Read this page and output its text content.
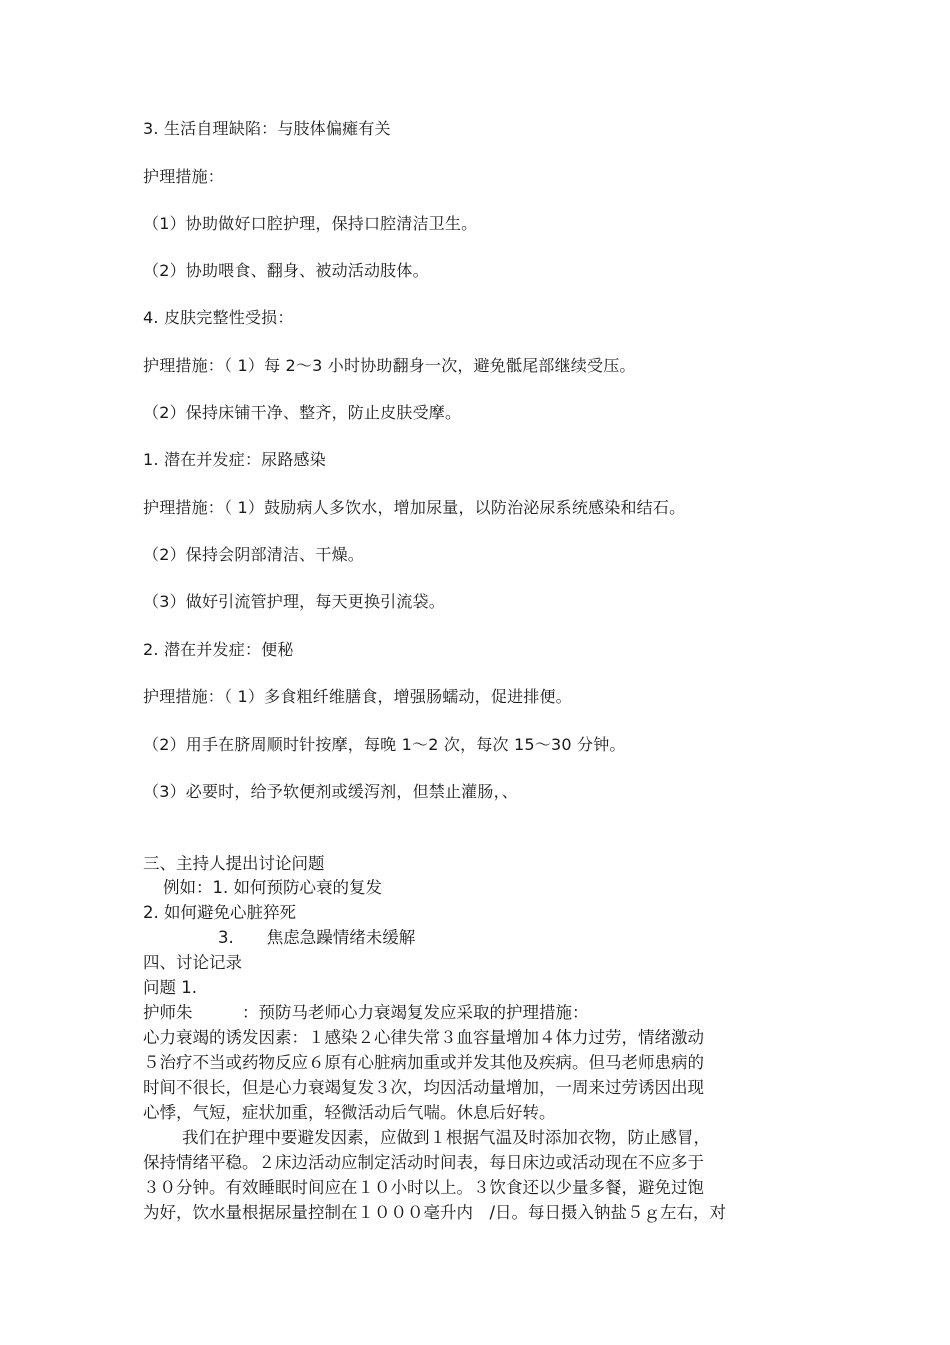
3. 生活自理缺陷：与肢体偏瘫有关
护理措施：
（1）协助做好口腔护理，保持口腔清洁卫生。
（2）协助喂食、翻身、被动活动肢体。
4. 皮肤完整性受损：
护理措施：（ 1）每 2～3 小时协助翻身一次，避免骶尾部继续受压。
（2）保持床铺干净、整齐，防止皮肤受摩。
1. 潜在并发症：尿路感染
护理措施：（ 1）鼓励病人多饮水，增加尿量，以防治泌尿系统感染和结石。
（2）保持会阴部清洁、干燥。
（3）做好引流管护理，每天更换引流袋。
2. 潜在并发症：便秘
护理措施：（ 1）多食粗纤维膳食，增强肠蠕动，促进排便。
（2）用手在脐周顺时针按摩，每晚 1～2 次，每次 15～30 分钟。
（3）必要时，给予软便剂或缓泻剂，但禁止灌肠，、
三、主持人提出讨论问题
例如：1. 如何预防心衰的复发
2. 如何避免心脏猝死
3.　　焦虑急躁情绪未缓解
四、讨论记录
问题 1.
护师朱　　　：预防马老师心力衰竭复发应采取的护理措施：
心力衰竭的诱发因素：１感染２心律失常３血容量增加４体力过劳，情绪激动
５治疗不当或药物反应６原有心脏病加重或并发其他及疾病。但马老师患病的
时间不很长，但是心力衰竭复发３次，均因活动量增加，一周来过劳诱因出现
心悸，气短，症状加重，轻微活动后气喘。休息后好转。
我们在护理中要避发因素，应做到１根据气温及时添加衣物，防止感冒，
保持情绪平稳。２床边活动应制定活动时间表，每日床边或活动现在不应多于
３０分钟。有效睡眠时间应在１０小时以上。３饮食还以少量多餐，避免过饱
为好，饮水量根据尿量控制在１０００毫升内　/日。每日摄入钠盐５ｇ左右，对
